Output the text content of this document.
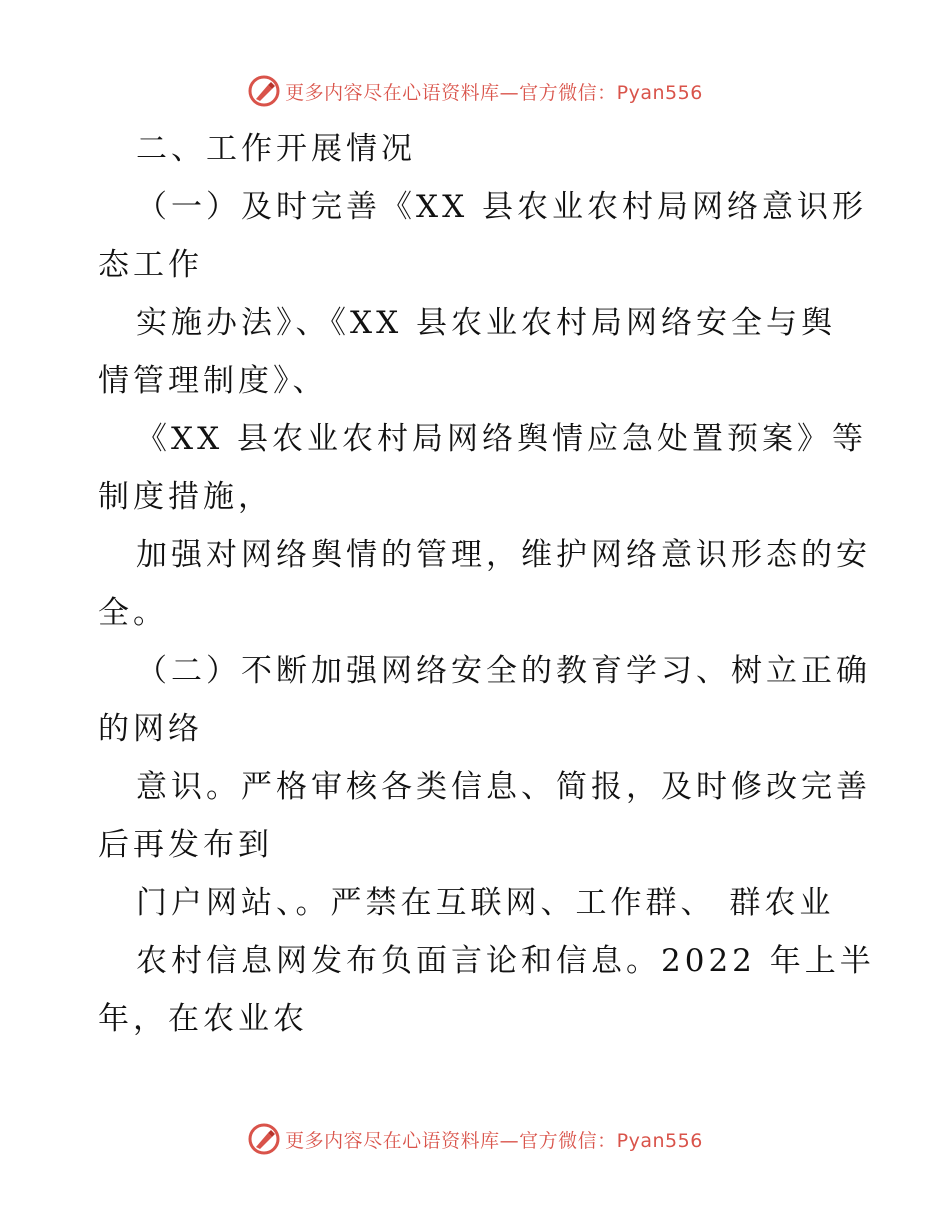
更多内容尽在心语资料库—官方微信：Pyan556
二、工作开展情况
（一）及时完善《XX 县农业农村局网络意识形
态工作
实施办法》、《XX 县农业农村局网络安全与舆
情管理制度》、
《XX 县农业农村局网络舆情应急处置预案》等
制度措施，
加强对网络舆情的管理，维护网络意识形态的安
全。
（二）不断加强网络安全的教育学习、树立正确
的网络
意识。严格审核各类信息、简报，及时修改完善
后再发布到
门户网站、。严禁在互联网、工作群、 群农业
农村信息网发布负面言论和信息。2022 年上半
年，在农业农
更多内容尽在心语资料库—官方微信：Pyan556
